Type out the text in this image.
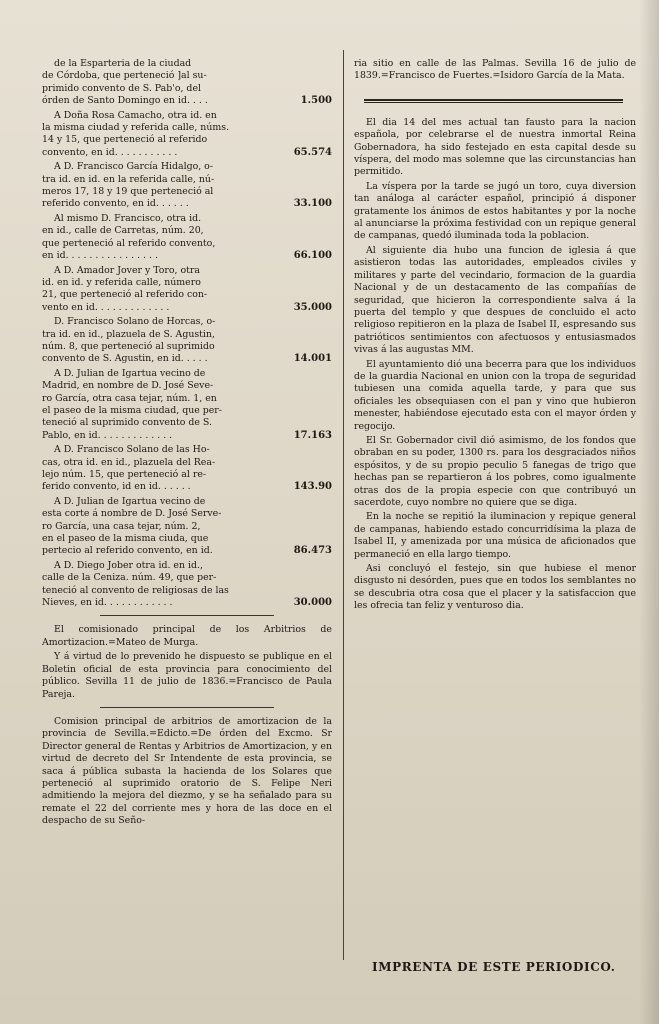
de la Esparteria de la ciudad
de Córdoba, que perteneció ]al su-
primido convento de S. Pab'o, del
órden de Santo Domingo en id. . . .	1.500
A Doña Rosa Camacho, otra id. en
la misma ciudad y referida calle, núms.
14 y 15, que perteneció al referido
convento, en id. . . . . . . . . . .	65.574
A D. Francisco García Hidalgo, o-
tra id. en id. en la referida calle, nú-
meros 17, 18 y 19 que perteneció al
referido convento, en id. . . . . .	33.100
Al mismo D. Francisco, otra id.
en id., calle de Carretas, núm. 20,
que perteneció al referido convento,
en id. . . . . . . . . . . . . . . .	66.100
A D. Amador Jover y Toro, otra
id. en id. y referida calle, número
21, que perteneció al referido con-
vento en id. . . . . . . . . . . . .	35.000
D. Francisco Solano de Horcas, o-
tra id. en id., plazuela de S. Agustin,
núm. 8, que perteneció al suprimido
convento de S. Agustin, en id. . . . .	14.001
A D. Julian de Igartua vecino de
Madrid, en nombre de D. José Seve-
ro García, otra casa tejar, núm. 1, en
el paseo de la misma ciudad, que per-
teneció al suprimido convento de S.
Pablo, en id. . . . . . . . . . . . .	17.163
A D. Francisco Solano de las Ho-
cas, otra id. en id., plazuela del Rea-
lejo núm. 15, que perteneció al re-
ferido convento, id en id. . . . . .	143.90
A D. Julian de Igartua vecino de
esta corte á nombre de D. José Serve-
ro García, una casa tejar, núm. 2,
en el paseo de la misma ciuda, que
pertecio al referido convento, en id.	86.473
A D. Diego Jober otra id. en id.,
calle de la Ceniza. núm. 49, que per-
teneció al convento de religiosas de las
Nieves, en id. . . . . . . . . . . .	30.000

El comisionado principal de los Arbitrios de Amortizacion.=Mateo de Murga.

Y á virtud de lo prevenido he dispuesto se publique en el Boletin oficial de esta provincia para conocimiento del público. Sevilla 11 de julio de 1836.=Francisco de Paula Pareja.

Comision principal de arbitrios de amortizacion de la provincia de Sevilla.=Edicto.=De órden del Excmo. Sr Director general de Rentas y Arbitrios de Amortizacion, y en virtud de decreto del Sr Intendente de esta provincia, se saca á pública subasta la hacienda de los Solares que perteneció al suprimido oratorio de S. Felipe Neri admitiendo la mejora del diezmo, y se ha señalado para su remate el 22 del corriente mes y hora de las doce en el despacho de su Seño-

ria sitio en calle de las Palmas. Sevilla 16 de julio de 1839.=Francisco de Fuertes.=Isidoro García de la Mata.

El dia 14 del mes actual tan fausto para la nacion española, por celebrarse el de nuestra inmortal Reina Gobernadora, ha sido festejado en esta capital desde su víspera, del modo mas solemne que las circunstancias han permitido.

La víspera por la tarde se jugó un toro, cuya diversion tan análoga al carácter español, principió á disponer gratamente los ánimos de estos habitantes y por la noche al anunciarse la próxima festividad con un repique general de campanas, quedó iluminada toda la poblacion.

Al siguiente dia hubo una funcion de iglesia á que asistieron todas las autoridades, empleados civiles y militares y parte del vecindario, formacion de la guardia Nacional y de un destacamento de las compañías de seguridad, que hicieron la correspondiente salva á la puerta del templo y que despues de concluido el acto religioso repitieron en la plaza de Isabel II, espresando sus patrióticos sentimientos con afectuosos y entusiasmados vivas á las augustas MM.

El ayuntamiento dió una becerra para que los individuos de la guardia Nacional en union con la tropa de seguridad tubiesen una comida aquella tarde, y para que sus oficiales les obsequiasen con el pan y vino que hubieron menester, habiéndose ejecutado esta con el mayor órden y regocijo.

El Sr. Gobernador civil dió asimismo, de los fondos que obraban en su poder, 1300 rs. para los desgraciados niños espósitos, y de su propio peculio 5 fanegas de trigo que hechas pan se repartieron á los pobres, como igualmente otras dos de la propia especie con que contribuyó un sacerdote, cuyo nombre no quiere que se diga.

En la noche se repitió la iluminacion y repique general de campanas, habiendo estado concurridísima la plaza de Isabel II, y amenizada por una música de aficionados que permaneció en ella largo tiempo.

Asi concluyó el festejo, sin que hubiese el menor disgusto ni desórden, pues que en todos los semblantes no se descubria otra cosa que el placer y la satisfaccion que les ofrecia tan feliz y venturoso dia.

IMPRENTA DE ESTE PERIODICO.
